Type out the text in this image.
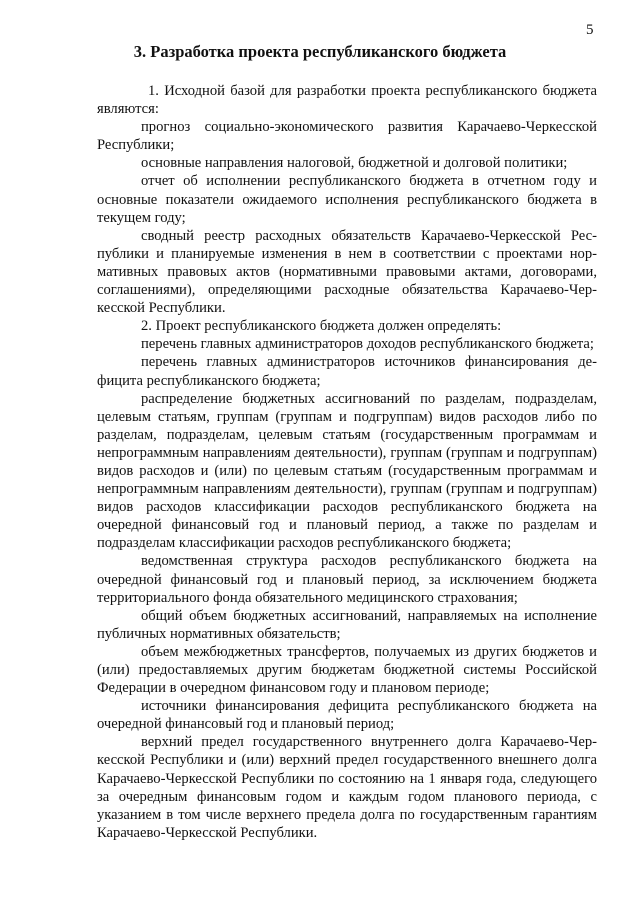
5
3. Разработка проекта республиканского бюджета

1. Исходной базой для разработки проекта республиканского бюджета являются:

прогноз социально-экономического развития Карачаево-Черкесской Республики;

основные направления налоговой, бюджетной и долговой политики;

отчет об исполнении республиканского бюджета в отчетном году и основные показатели ожидаемого исполнения республиканского бюджета в текущем году;

сводный реестр расходных обязательств Карачаево-Черкесской Республики и планируемые изменения в нем в соответствии с проектами нормативных правовых актов (нормативными правовыми актами, договорами, соглашениями), определяющими расходные обязательства Карачаево-Черкесской Республики.

2. Проект республиканского бюджета должен определять:

перечень главных администраторов доходов республиканского бюджета;

перечень главных администраторов источников финансирования дефицита республиканского бюджета;

распределение бюджетных ассигнований по разделам, подразделам, целевым статьям, группам (группам и подгруппам) видов расходов либо по разделам, подразделам, целевым статьям (государственным программам и непрограммным направлениям деятельности), группам (группам и подгруппам) видов расходов и (или) по целевым статьям (государственным программам и непрограммным направлениям деятельности), группам (группам и подгруппам) видов расходов классификации расходов республиканского бюджета на очередной финансовый год и плановый период, а также по разделам и подразделам классификации расходов республиканского бюджета;

ведомственная структура расходов республиканского бюджета на очередной финансовый год и плановый период, за исключением бюджета территориального фонда обязательного медицинского страхования;

общий объем бюджетных ассигнований, направляемых на исполнение публичных нормативных обязательств;

объем межбюджетных трансфертов, получаемых из других бюджетов и (или) предоставляемых другим бюджетам бюджетной системы Российской Федерации в очередном финансовом году и плановом периоде;

источники финансирования дефицита республиканского бюджета на очередной финансовый год и плановый период;

верхний предел государственного внутреннего долга Карачаево-Черкесской Республики и (или) верхний предел государственного внешнего долга Карачаево-Черкесской Республики по состоянию на 1 января года, следующего за очередным финансовым годом и каждым годом планового периода, с указанием в том числе верхнего предела долга по государственным гарантиям Карачаево-Черкесской Республики.
